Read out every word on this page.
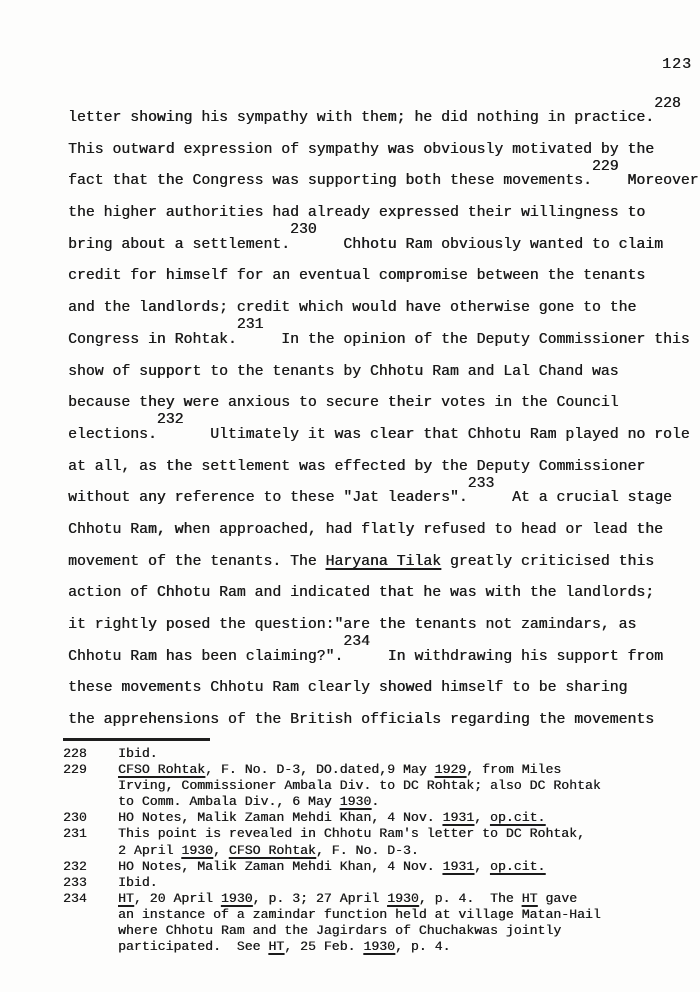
123
letter showing his sympathy with them; he did nothing in practice.228
This outward expression of sympathy was obviously motivated by the
fact that the Congress was supporting both these movements.229 Moreover
the higher authorities had already expressed their willingness to
bring about a settlement.230   Chhotu Ram obviously wanted to claim
credit for himself for an eventual compromise between the tenants
and the landlords; credit which would have otherwise gone to the
Congress in Rohtak.231  In the opinion of the Deputy Commissioner this
show of support to the tenants by Chhotu Ram and Lal Chand was
because they were anxious to secure their votes in the Council
elections.232   Ultimately it was clear that Chhotu Ram played no role
at all, as the settlement was effected by the Deputy Commissioner
without any reference to these "Jat leaders".233  At a crucial stage
Chhotu Ram, when approached, had flatly refused to head or lead the
movement of the tenants. The Haryana Tilak greatly criticised this
action of Chhotu Ram and indicated that he was with the landlords;
it rightly posed the question:"are the tenants not zamindars, as
Chhotu Ram has been claiming?".234  In withdrawing his support from
these movements Chhotu Ram clearly showed himself to be sharing
the apprehensions of the British officials regarding the movements
228	Ibid.
229	CFSO Rohtak, F. No. D-3, DO.dated,9 May 1929, from Miles
Irving, Commissioner Ambala Div. to DC Rohtak; also DC Rohtak
to Comm. Ambala Div., 6 May 1930.
230	HO Notes, Malik Zaman Mehdi Khan, 4 Nov. 1931, op.cit.
231	This point is revealed in Chhotu Ram's letter to DC Rohtak,
2 April 1930, CFSO Rohtak, F. No. D-3.
232	HO Notes, Malik Zaman Mehdi Khan, 4 Nov. 1931, op.cit.
233	Ibid.
234	HT, 20 April 1930, p. 3; 27 April 1930, p. 4.  The HT gave
an instance of a zamindar function held at village Matan-Hail
where Chhotu Ram and the Jagirdars of Chuchakwas jointly
participated.  See HT, 25 Feb. 1930, p. 4.
